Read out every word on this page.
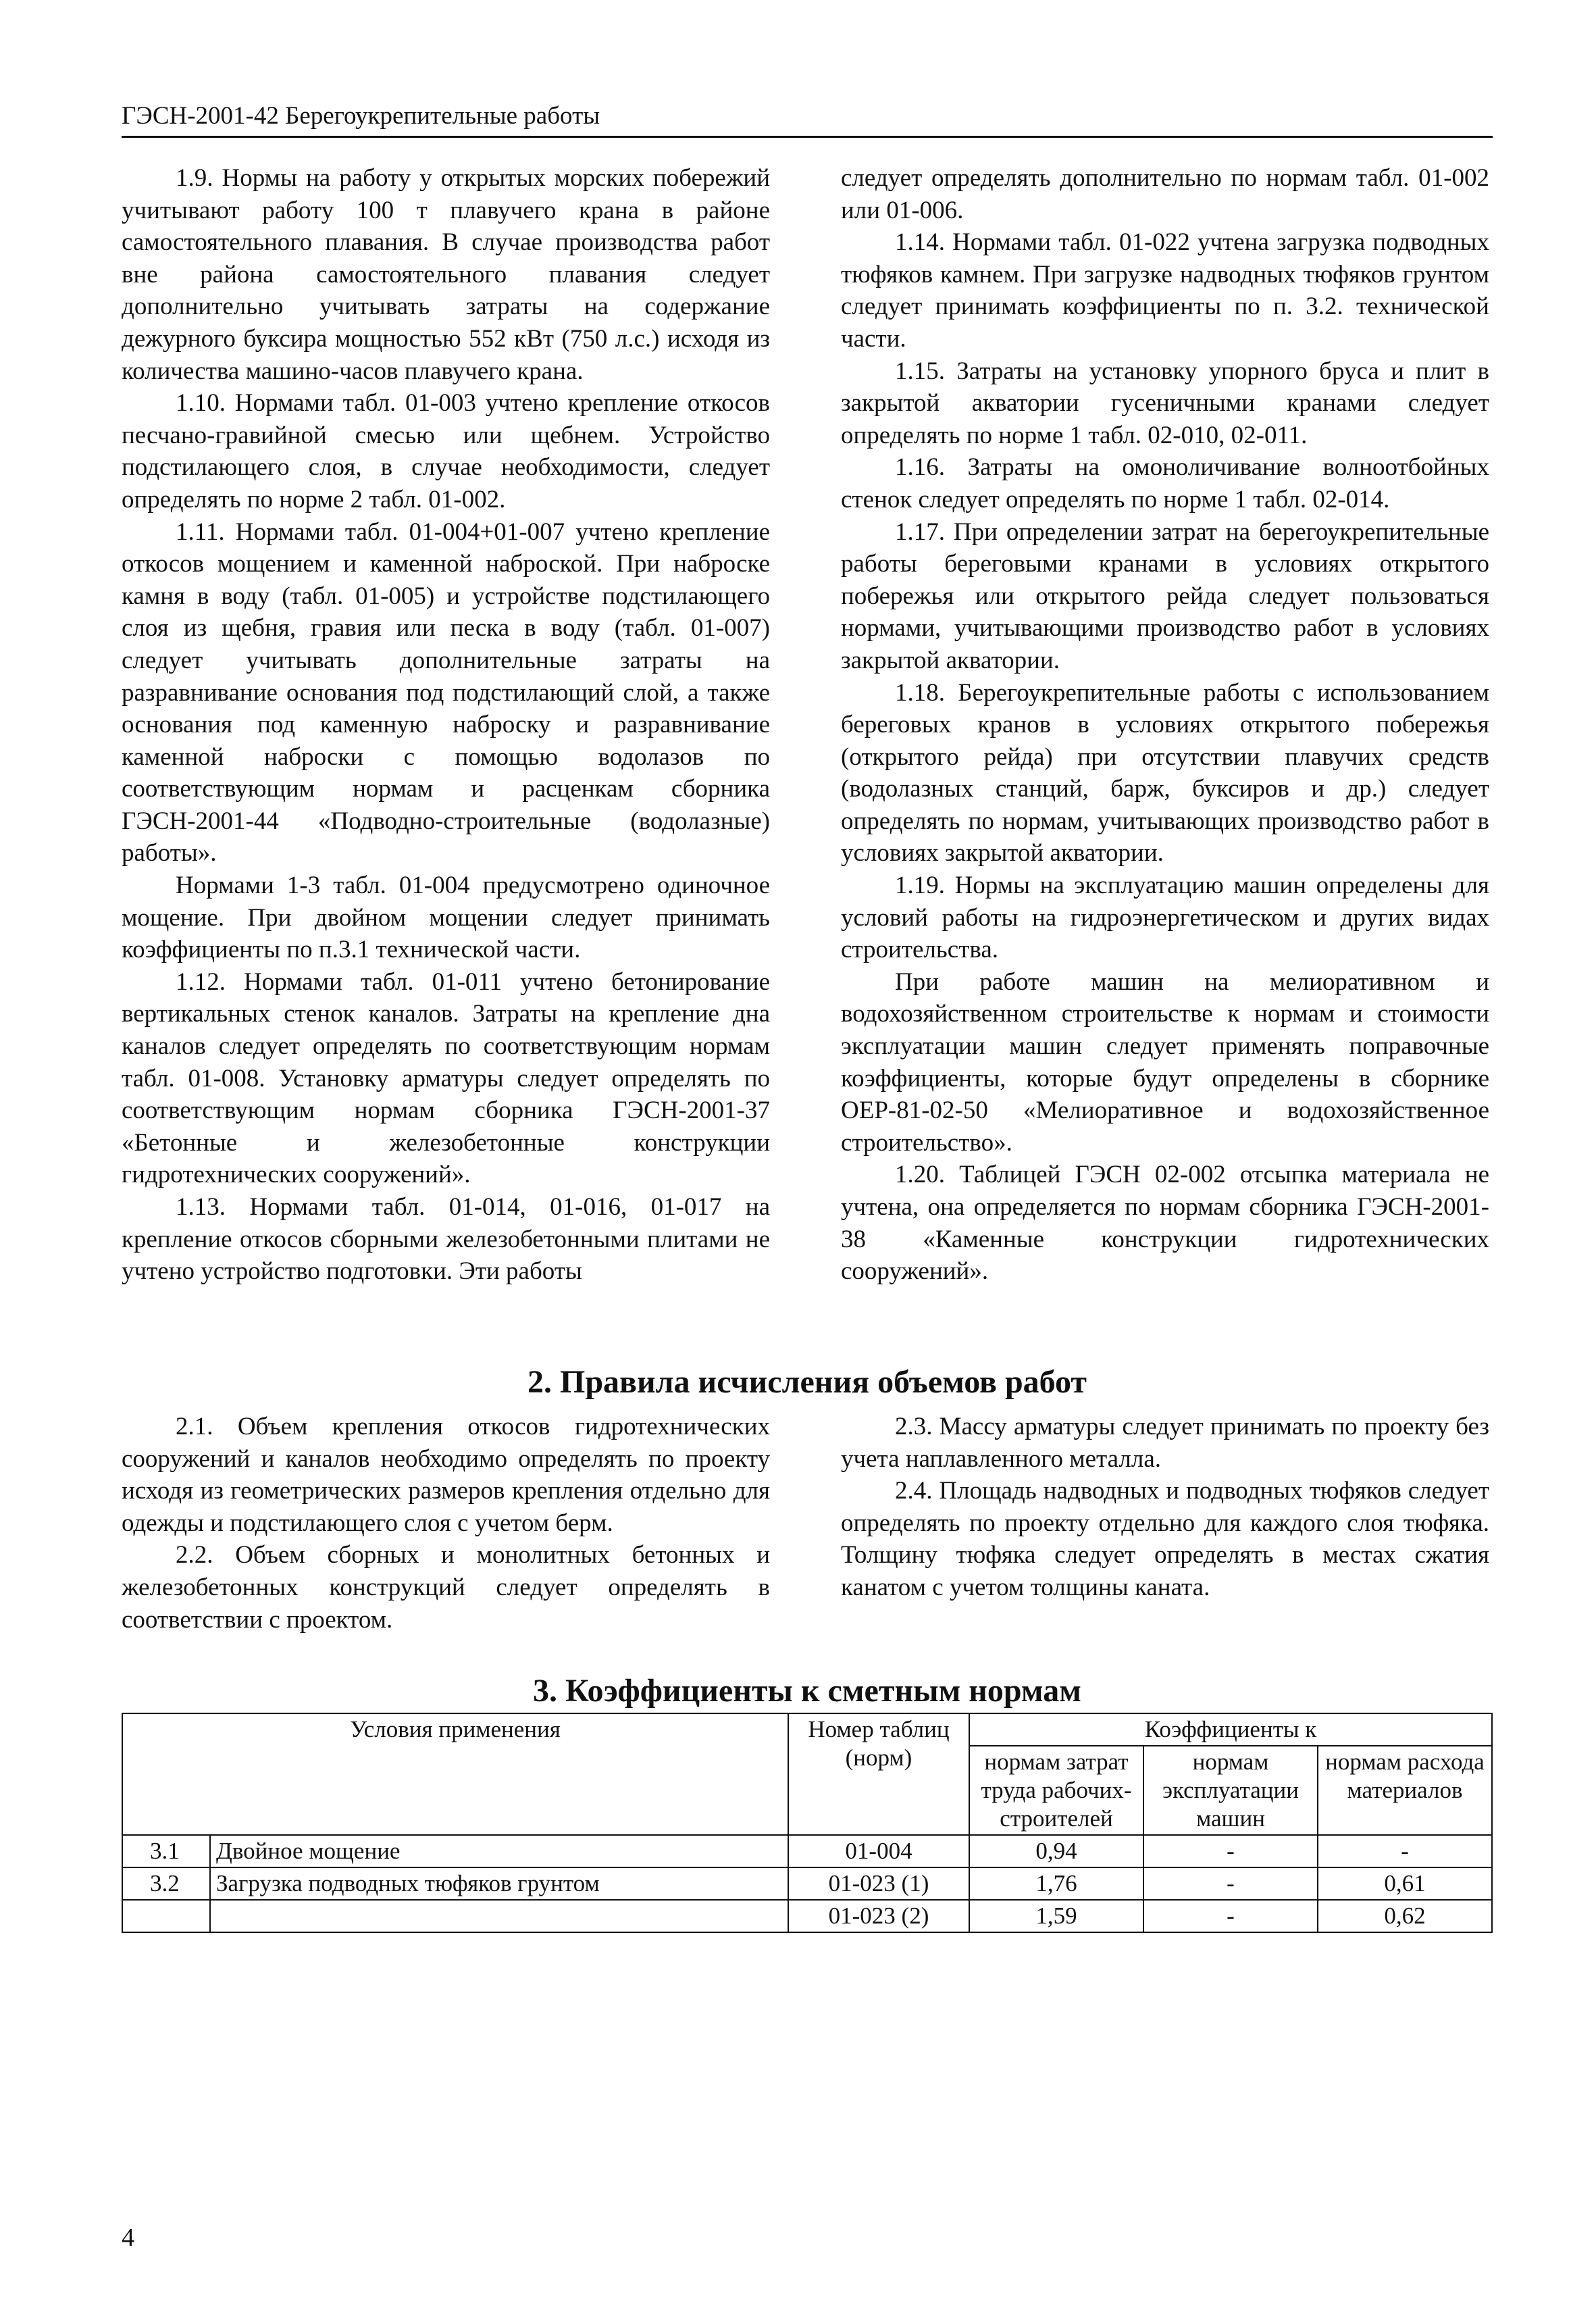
ГЭСН-2001-42 Берегоукрепительные работы

1.9. Нормы на работу у открытых морских побережий учитывают работу 100 т плавучего крана в районе самостоятельного плавания. В случае производства работ вне района самостоятельного плавания следует дополнительно учитывать затраты на содержание дежурного буксира мощностью 552 кВт (750 л.с.) исходя из количества машино-часов плавучего крана.

1.10. Нормами табл. 01-003 учтено крепление откосов песчано-гравийной смесью или щебнем. Устройство подстилающего слоя, в случае необходимости, следует определять по норме 2 табл. 01-002.

1.11. Нормами табл. 01-004+01-007 учтено крепление откосов мощением и каменной наброской. При наброске камня в воду (табл. 01-005) и устройстве подстилающего слоя из щебня, гравия или песка в воду (табл. 01-007) следует учитывать дополнительные затраты на разравнивание основания под подстилающий слой, а также основания под каменную наброску и разравнивание каменной наброски с помощью водолазов по соответствующим нормам и расценкам сборника ГЭСН-2001-44 «Подводно-строительные (водолазные) работы».

Нормами 1-3 табл. 01-004 предусмотрено одиночное мощение. При двойном мощении следует принимать коэффициенты по п.3.1 технической части.

1.12. Нормами табл. 01-011 учтено бетонирование вертикальных стенок каналов. Затраты на крепление дна каналов следует определять по соответствующим нормам табл. 01-008. Установку арматуры следует определять по соответствующим нормам сборника ГЭСН-2001-37 «Бетонные и железобетонные конструкции гидротехнических сооружений».

1.13. Нормами табл. 01-014, 01-016, 01-017 на крепление откосов сборными железобетонными плитами не учтено устройство подготовки. Эти работы

следует определять дополнительно по нормам табл. 01-002 или 01-006.

1.14. Нормами табл. 01-022 учтена загрузка подводных тюфяков камнем. При загрузке надводных тюфяков грунтом следует принимать коэффициенты по п. 3.2. технической части.

1.15. Затраты на установку упорного бруса и плит в закрытой акватории гусеничными кранами следует определять по норме 1 табл. 02-010, 02-011.

1.16. Затраты на омоноличивание волноотбойных стенок следует определять по норме 1 табл. 02-014.

1.17. При определении затрат на берегоукрепительные работы береговыми кранами в условиях открытого побережья или открытого рейда следует пользоваться нормами, учитывающими производство работ в условиях закрытой акватории.

1.18. Берегоукрепительные работы с использованием береговых кранов в условиях открытого побережья (открытого рейда) при отсутствии плавучих средств (водолазных станций, барж, буксиров и др.) следует определять по нормам, учитывающих производство работ в условиях закрытой акватории.

1.19. Нормы на эксплуатацию машин определены для условий работы на гидроэнергетическом и других видах строительства.

При работе машин на мелиоративном и водохозяйственном строительстве к нормам и стоимости эксплуатации машин следует применять поправочные коэффициенты, которые будут определены в сборнике ОЕР-81-02-50 «Мелиоративное и водохозяйственное строительство».

1.20. Таблицей ГЭСН 02-002 отсыпка материала не учтена, она определяется по нормам сборника ГЭСН-2001-38 «Каменные конструкции гидротехнических сооружений».

2. Правила исчисления объемов работ

2.1. Объем крепления откосов гидротехнических сооружений и каналов необходимо определять по проекту исходя из геометрических размеров крепления отдельно для одежды и подстилающего слоя с учетом берм.

2.2. Объем сборных и монолитных бетонных и железобетонных конструкций следует определять в соответствии с проектом.

2.3. Массу арматуры следует принимать по проекту без учета наплавленного металла.

2.4. Площадь надводных и подводных тюфяков следует определять по проекту отдельно для каждого слоя тюфяка. Толщину тюфяка следует определять в местах сжатия канатом с учетом толщины каната.

3. Коэффициенты к сметным нормам
Условия применения		Номер таблиц (норм)	Коэффициенты к		
			нормам затрат труда рабочих-строителей	нормам эксплуатации машин	нормам расхода материалов
3.1	Двойное мощение	01-004	0,94	-	-
3.2	Загрузка подводных тюфяков грунтом	01-023 (1)	1,76	-	0,61
		01-023 (2)	1,59	-	0,62
4
